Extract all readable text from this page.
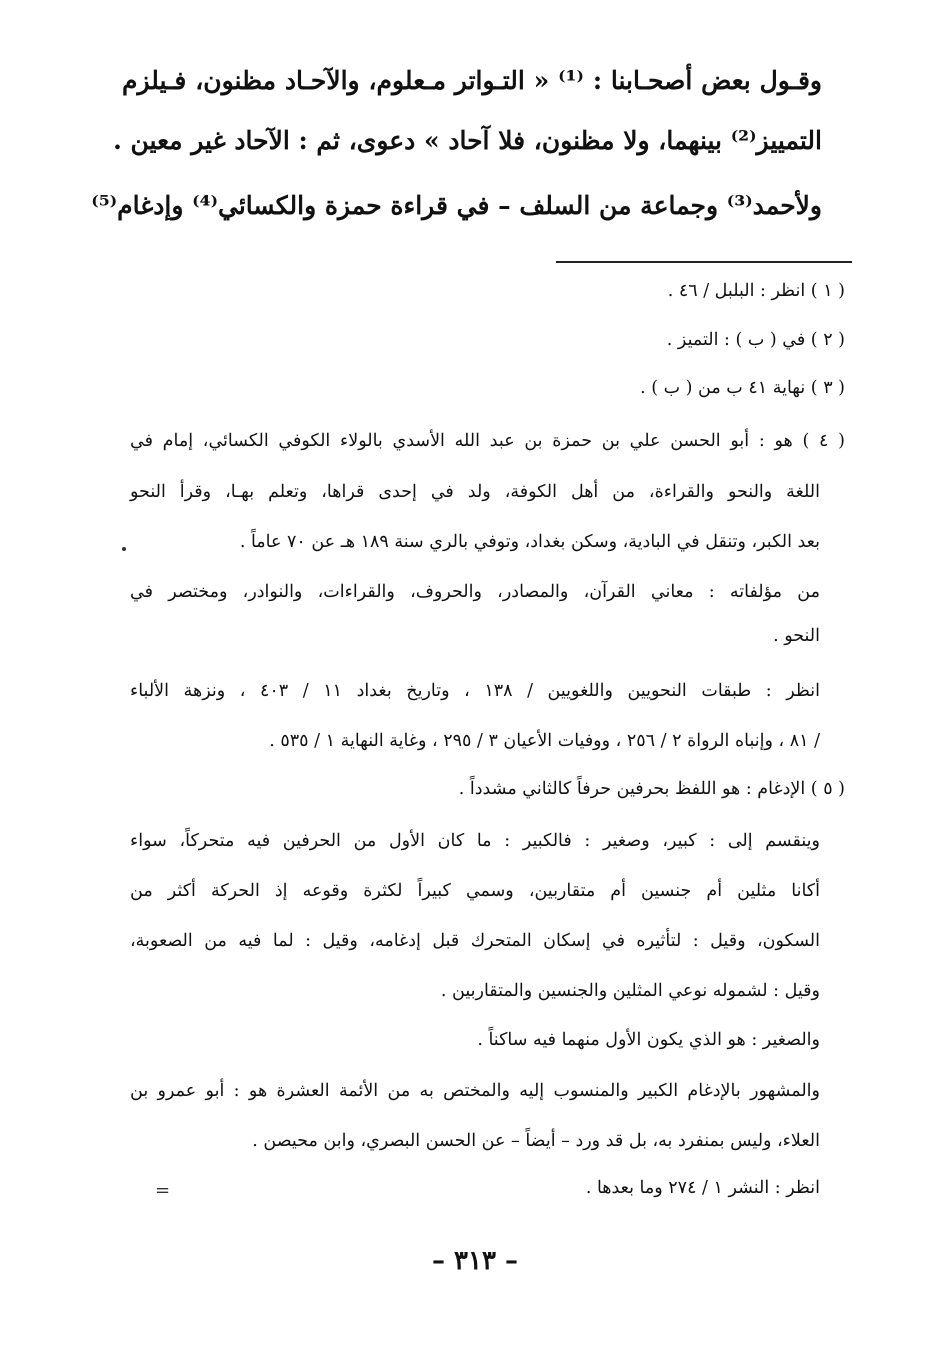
وقـول بعض أصحـابنا : ⁽¹⁾ « التـواتر مـعلوم، والآحـاد مظنون، فـيلزم
التمييز⁽²⁾ بينهما، ولا مظنون، فلا آحاد » دعوى، ثم : الآحاد غير معين .
ولأحمد⁽³⁾ وجماعة من السلف – في قراءة حمزة والكسائي⁽⁴⁾ وإدغام⁽⁵⁾
( ١ ) انظر : البلبل / ٤٦ .
( ٢ ) في ( ب ) : التميز .
( ٣ ) نهاية ٤١ ب من ( ب ) .
( ٤ ) هو : أبو الحسن علي بن حمزة بن عبد الله الأسدي بالولاء الكوفي الكسائي، إمام في
اللغة والنحو والقراءة، من أهل الكوفة، ولد في إحدى قراها، وتعلم بهـا، وقرأ النحو
بعد الكبر، وتنقل في البادية، وسكن بغداد، وتوفي بالري سنة ١٨٩ هـ عن ٧٠ عاماً .
من مؤلفاته : معاني القرآن، والمصادر، والحروف، والقراءات، والنوادر، ومختصر في
النحو .
انظر : طبقات النحويين واللغويين / ١٣٨ ، وتاريخ بغداد ١١ / ٤٠٣ ، ونزهة الألباء
/ ٨١ ، وإنباه الرواة ٢ / ٢٥٦ ، ووفيات الأعيان ٣ / ٢٩٥ ، وغاية النهاية ١ / ٥٣٥ .
( ٥ ) الإدغام : هو اللفظ بحرفين حرفاً كالثاني مشدداً .
وينقسم إلى : كبير، وصغير : فالكبير : ما كان الأول من الحرفين فيه متحركاً، سواء
أكانا مثلين أم جنسين أم متقاربين، وسمي كبيراً لكثرة وقوعه إذ الحركة أكثر من
السكون، وقيل : لتأثيره في إسكان المتحرك قبل إدغامه، وقيل : لما فيه من الصعوبة،
وقيل : لشموله نوعي المثلين والجنسين والمتقاربين .
والصغير : هو الذي يكون الأول منهما فيه ساكناً .
والمشهور بالإدغام الكبير والمنسوب إليه والمختص به من الأئمة العشرة هو : أبو عمرو بن
العلاء، وليس بمنفرد به، بل قد ورد – أيضاً – عن الحسن البصري، وابن محيصن .
انظر : النشر ١ / ٢٧٤ وما بعدها .
=
– ٣١٣ –
